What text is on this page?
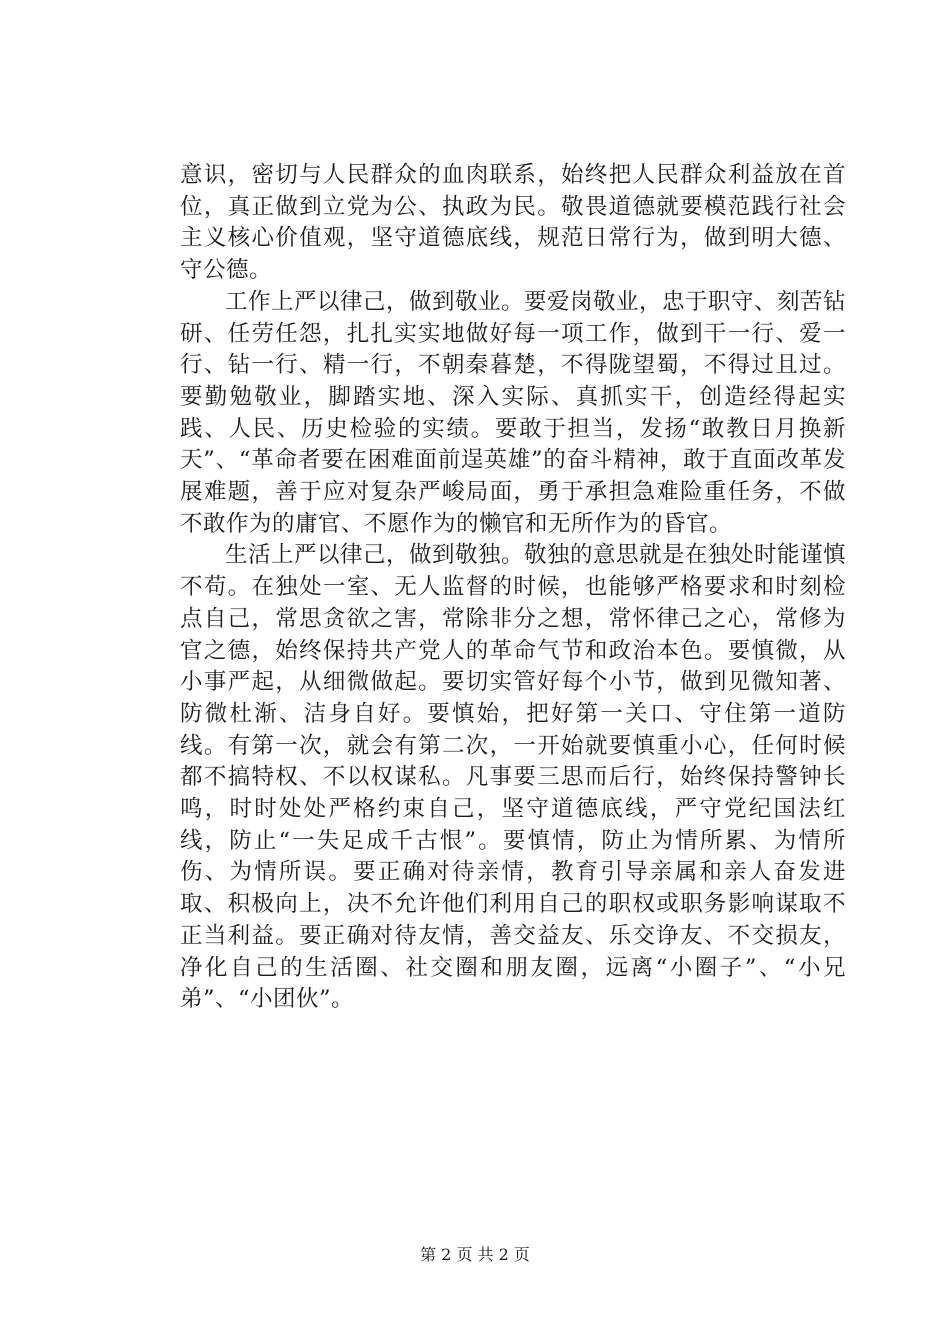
意识，密切与人民群众的血肉联系，始终把人民群众利益放在首位，真正做到立党为公、执政为民。敬畏道德就要模范践行社会主义核心价值观，坚守道德底线，规范日常行为，做到明大德、守公德。

工作上严以律己，做到敬业。要爱岗敬业，忠于职守、刻苦钻研、任劳任怨，扎扎实实地做好每一项工作，做到干一行、爱一行、钻一行、精一行，不朝秦暮楚，不得陇望蜀，不得过且过。要勤勉敬业，脚踏实地、深入实际、真抓实干，创造经得起实践、人民、历史检验的实绩。要敢于担当，发扬“敢教日月换新天”、“革命者要在困难面前逞英雄”的奋斗精神，敢于直面改革发展难题，善于应对复杂严峻局面，勇于承担急难险重任务，不做不敢作为的庸官、不愿作为的懒官和无所作为的昏官。

生活上严以律己，做到敬独。敬独的意思就是在独处时能谨慎不苟。在独处一室、无人监督的时候，也能够严格要求和时刻检点自己，常思贪欲之害，常除非分之想，常怀律己之心，常修为官之德，始终保持共产党人的革命气节和政治本色。要慎微，从小事严起，从细微做起。要切实管好每个小节，做到见微知著、防微杜渐、洁身自好。要慎始，把好第一关口、守住第一道防线。有第一次，就会有第二次，一开始就要慎重小心，任何时候都不搞特权、不以权谋私。凡事要三思而后行，始终保持警钟长鸣，时时处处严格约束自己，坚守道德底线，严守党纪国法红线，防止“一失足成千古恨”。要慎情，防止为情所累、为情所伤、为情所误。要正确对待亲情，教育引导亲属和亲人奋发进取、积极向上，决不允许他们利用自己的职权或职务影响谋取不正当利益。要正确对待友情，善交益友、乐交诤友、不交损友，净化自己的生活圈、社交圈和朋友圈，远离“小圈子”、“小兄弟”、“小团伙”。

第 2 页 共 2 页
